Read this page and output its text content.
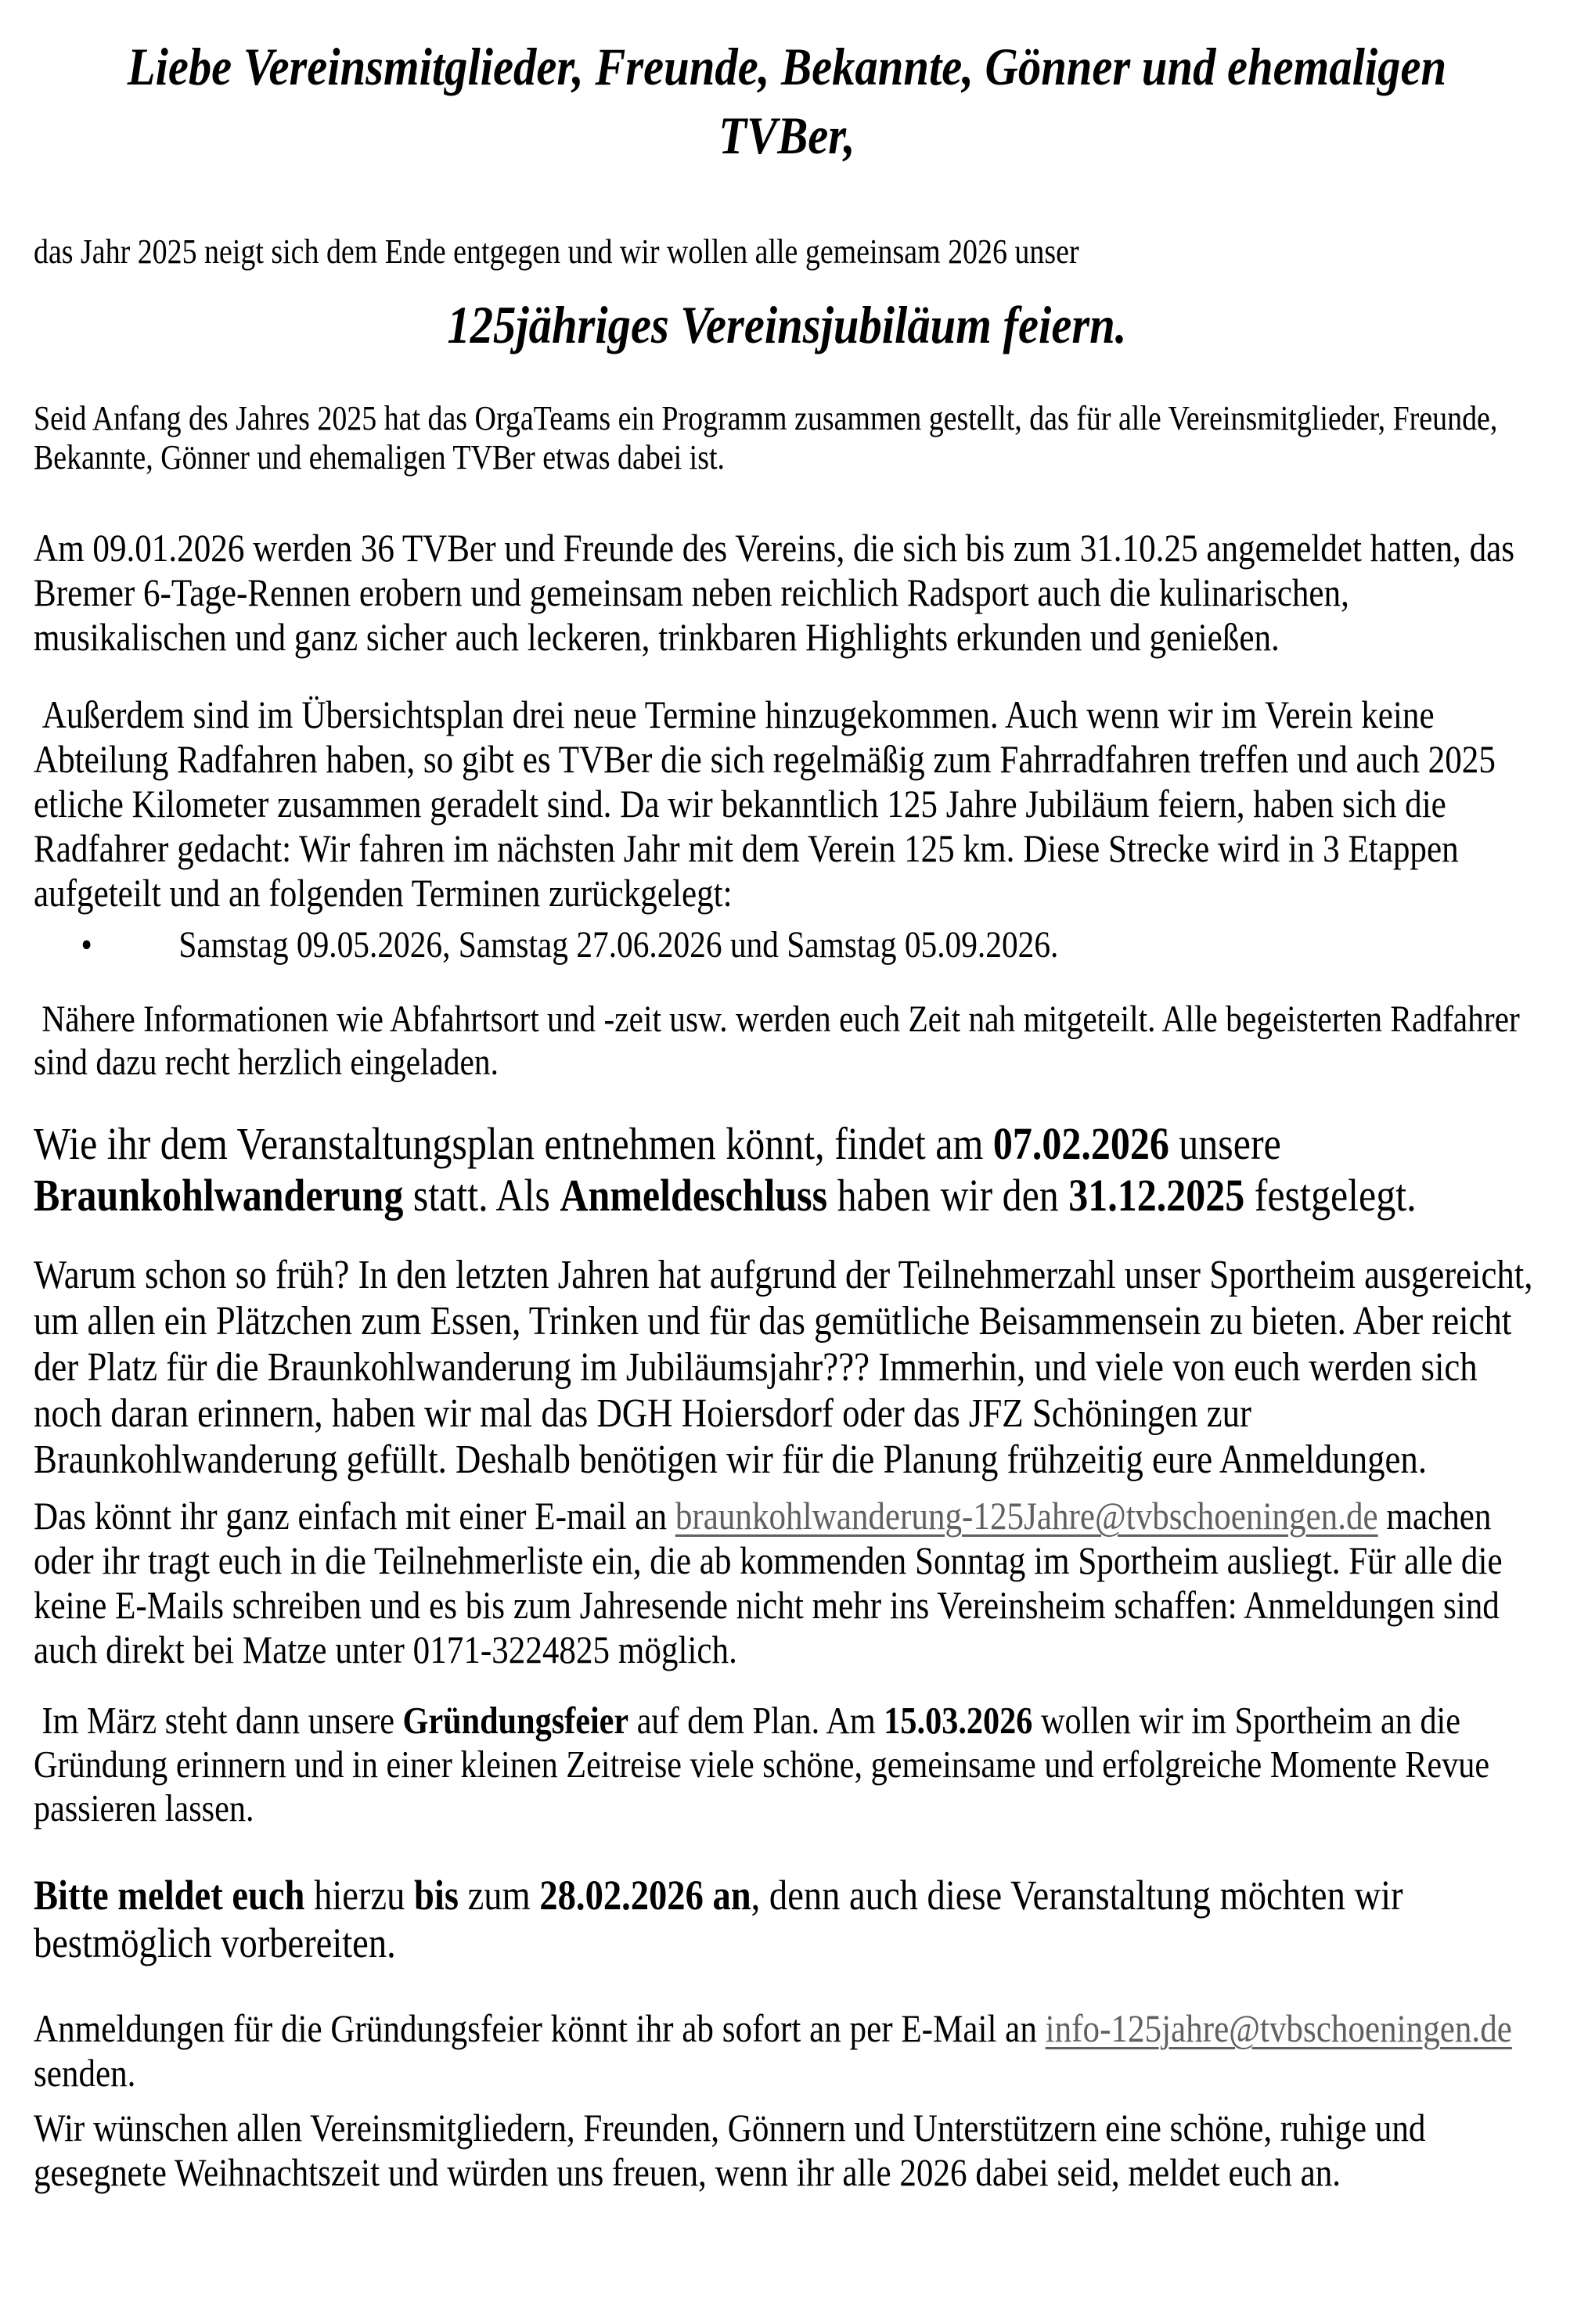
Liebe Vereinsmitglieder, Freunde, Bekannte, Gönner und ehemaligen TVBer,

das Jahr 2025 neigt sich dem Ende entgegen und wir wollen alle gemeinsam 2026 unser

125jähriges Vereinsjubiläum feiern.

Seid Anfang des Jahres 2025 hat das OrgaTeams ein Programm zusammen gestellt, das für alle Vereinsmitglieder, Freunde, Bekannte, Gönner und ehemaligen TVBer etwas dabei ist.

Am 09.01.2026 werden 36 TVBer und Freunde des Vereins, die sich bis zum 31.10.25 angemeldet hatten, das Bremer 6-Tage-Rennen erobern und gemeinsam neben reichlich Radsport auch die kulinarischen, musikalischen und ganz sicher auch leckeren, trinkbaren Highlights erkunden und genießen.

Außerdem sind im Übersichtsplan drei neue Termine hinzugekommen. Auch wenn wir im Verein keine Abteilung Radfahren haben, so gibt es TVBer die sich regelmäßig zum Fahrradfahren treffen und auch 2025 etliche Kilometer zusammen geradelt sind. Da wir bekanntlich 125 Jahre Jubiläum feiern, haben sich die Radfahrer gedacht: Wir fahren im nächsten Jahr mit dem Verein 125 km. Diese Strecke wird in 3 Etappen aufgeteilt und an folgenden Terminen zurückgelegt:

• Samstag 09.05.2026, Samstag 27.06.2026 und Samstag 05.09.2026.

Nähere Informationen wie Abfahrtsort und -zeit usw. werden euch Zeit nah mitgeteilt. Alle begeisterten Radfahrer sind dazu recht herzlich eingeladen.

Wie ihr dem Veranstaltungsplan entnehmen könnt, findet am 07.02.2026 unsere Braunkohlwanderung statt. Als Anmeldeschluss haben wir den 31.12.2025 festgelegt.

Warum schon so früh? In den letzten Jahren hat aufgrund der Teilnehmerzahl unser Sportheim ausgereicht, um allen ein Plätzchen zum Essen, Trinken und für das gemütliche Beisammensein zu bieten. Aber reicht der Platz für die Braunkohlwanderung im Jubiläumsjahr??? Immerhin, und viele von euch werden sich noch daran erinnern, haben wir mal das DGH Hoiersdorf oder das JFZ Schöningen zur Braunkohlwanderung gefüllt. Deshalb benötigen wir für die Planung frühzeitig eure Anmeldungen.

Das könnt ihr ganz einfach mit einer E-mail an braunkohlwanderung-125Jahre@tvbschoeningen.de machen oder ihr tragt euch in die Teilnehmerliste ein, die ab kommenden Sonntag im Sportheim ausliegt. Für alle die keine E-Mails schreiben und es bis zum Jahresende nicht mehr ins Vereinsheim schaffen: Anmeldungen sind auch direkt bei Matze unter 0171-3224825 möglich.

Im März steht dann unsere Gründungsfeier auf dem Plan. Am 15.03.2026 wollen wir im Sportheim an die Gründung erinnern und in einer kleinen Zeitreise viele schöne, gemeinsame und erfolgreiche Momente Revue passieren lassen.

Bitte meldet euch hierzu bis zum 28.02.2026 an, denn auch diese Veranstaltung möchten wir bestmöglich vorbereiten.

Anmeldungen für die Gründungsfeier könnt ihr ab sofort an per E-Mail an info-125jahre@tvbschoeningen.de senden.

Wir wünschen allen Vereinsmitgliedern, Freunden, Gönnern und Unterstützern eine schöne, ruhige und gesegnete Weihnachtszeit und würden uns freuen, wenn ihr alle 2026 dabei seid, meldet euch an.
